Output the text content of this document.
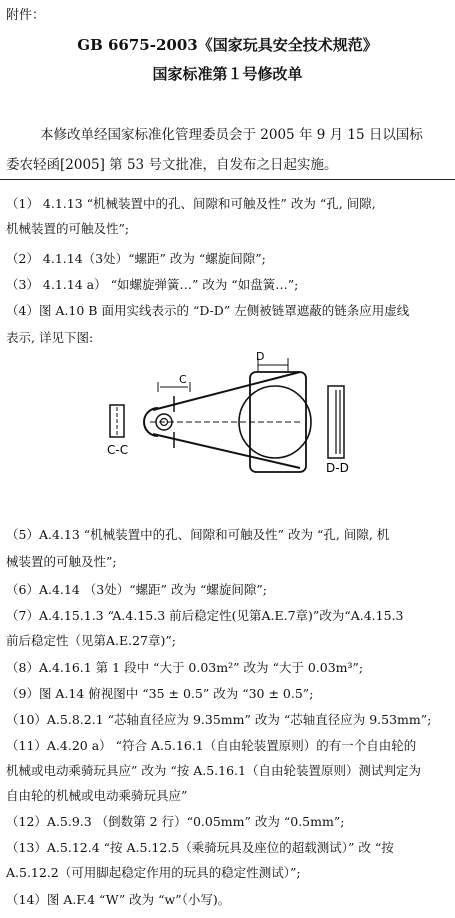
附件：
GB 6675-2003《国家玩具安全技术规范》
国家标准第１号修改单
本修改单经国家标准化管理委员会于 2005 年 9 月 15 日以国标
委农轻函[2005] 第 53 号文批准，自发布之日起实施。
（1） 4.1.13 “机械装置中的孔、间隙和可触及性” 改为 “孔, 间隙,
机械装置的可触及性”;
（2） 4.1.14（3处）“螺距” 改为 “螺旋间隙”;
（3） 4.1.14 a） “如螺旋弹簧…” 改为 “如盘簧…”;
（4）图 A.10 B 面用实线表示的 “D-D” 左侧被链罩遮蔽的链条应用虚线
表示, 详见下图:
C-C
C
D
D-D
（5）A.4.13 “机械装置中的孔、间隙和可触及性” 改为 “孔, 间隙, 机
械装置的可触及性”;
（6）A.4.14 （3处）“螺距” 改为 “螺旋间隙”;
（7）A.4.15.1.3 “A.4.15.3 前后稳定性(见第A.E.7章)”改为“A.4.15.3
前后稳定性（见第A.E.27章)”;
（8）A.4.16.1 第 1 段中 “大于 0.03m²” 改为 “大于 0.03m³”;
（9）图 A.14 俯视图中 “35 ± 0.5” 改为 “30 ± 0.5”;
（10）A.5.8.2.1 “芯轴直径应为 9.35mm” 改为 “芯轴直径应为 9.53mm”;
（11）A.4.20 a） “符合 A.5.16.1（自由轮装置原则）的有一个自由轮的
机械或电动乘骑玩具应” 改为 “按 A.5.16.1（自由轮装置原则）测试判定为
自由轮的机械或电动乘骑玩具应”
（12）A.5.9.3 （倒数第 2 行）“0.05mm” 改为 “0.5mm”;
（13）A.5.12.4 “按 A.5.12.5（乘骑玩具及座位的超载测试）” 改 “按
A.5.12.2（可用脚起稳定作用的玩具的稳定性测试）”;
（14）图 A.F.4 “W” 改为 “w”（小写)。
